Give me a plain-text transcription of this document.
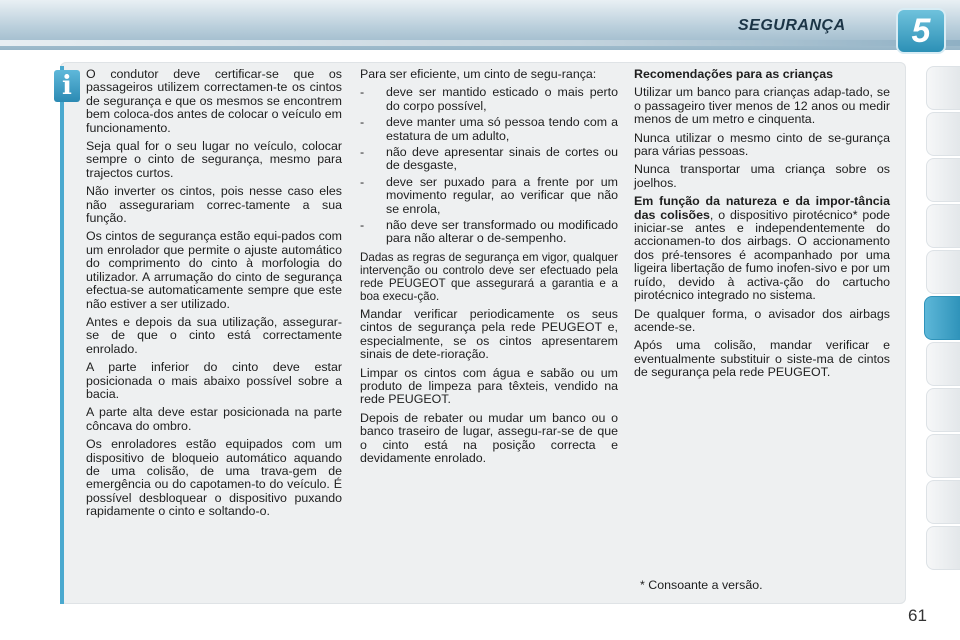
SEGURANÇA	5
i	O condutor deve certificar-se que os passageiros utilizem correctamen-te os cintos de segurança e que os mesmos se encontrem bem coloca-dos antes de colocar o veículo em funcionamento.

Seja qual for o seu lugar no veículo, colocar sempre o cinto de segurança, mesmo para trajectos curtos.

Não inverter os cintos, pois nesse caso eles não assegurariam correc-tamente a sua função.

Os cintos de segurança estão equi-pados com um enrolador que permite o ajuste automático do comprimento do cinto à morfologia do utilizador. A arrumação do cinto de segurança efectua-se automaticamente sempre que este não estiver a ser utilizado.

Antes e depois da sua utilização, assegurar-se de que o cinto está correctamente enrolado.

A parte inferior do cinto deve estar posicionada o mais abaixo possível sobre a bacia.

A parte alta deve estar posicionada na parte côncava do ombro.

Os enroladores estão equipados com um dispositivo de bloqueio automático aquando de uma colisão, de uma trava-gem de emergência ou do capotamen-to do veículo. É possível desbloquear o dispositivo puxando rapidamente o cinto e soltando-o.

Para ser eficiente, um cinto de segu-rança:

-	deve ser mantido esticado o mais perto do corpo possível,
-	deve manter uma só pessoa tendo com a estatura de um adulto,
-	não deve apresentar sinais de cortes ou de desgaste,
-	deve ser puxado para a frente por um movimento regular, ao verificar que não se enrola,
-	não deve ser transformado ou modificado para não alterar o de-sempenho.

Dadas as regras de segurança em vigor, qualquer intervenção ou controlo deve ser efectuado pela rede PEUGEOT que assegurará a garantia e a boa execu-ção.

Mandar verificar periodicamente os seus cintos de segurança pela rede PEUGEOT e, especialmente, se os cintos apresentarem sinais de dete-rioração.

Limpar os cintos com água e sabão ou um produto de limpeza para têxteis, vendido na rede PEUGEOT.

Depois de rebater ou mudar um banco ou o banco traseiro de lugar, assegu-rar-se de que o cinto está na posição correcta e devidamente enrolado.

Recomendações para as crianças

Utilizar um banco para crianças adap-tado, se o passageiro tiver menos de 12 anos ou medir menos de um metro e cinquenta.

Nunca utilizar o mesmo cinto de se-gurança para várias pessoas.

Nunca transportar uma criança sobre os joelhos.

Em função da natureza e da impor-tância das colisões, o dispositivo pirotécnico* pode iniciar-se antes e independentemente do accionamen-to dos airbags. O accionamento dos pré-tensores é acompanhado por uma ligeira libertação de fumo inofen-sivo e por um ruído, devido à activa-ção do cartucho pirotécnico integrado no sistema.

De qualquer forma, o avisador dos airbags acende-se.

Após uma colisão, mandar verificar e eventualmente substituir o siste-ma de cintos de segurança pela rede PEUGEOT.

* Consoante a versão.
61
